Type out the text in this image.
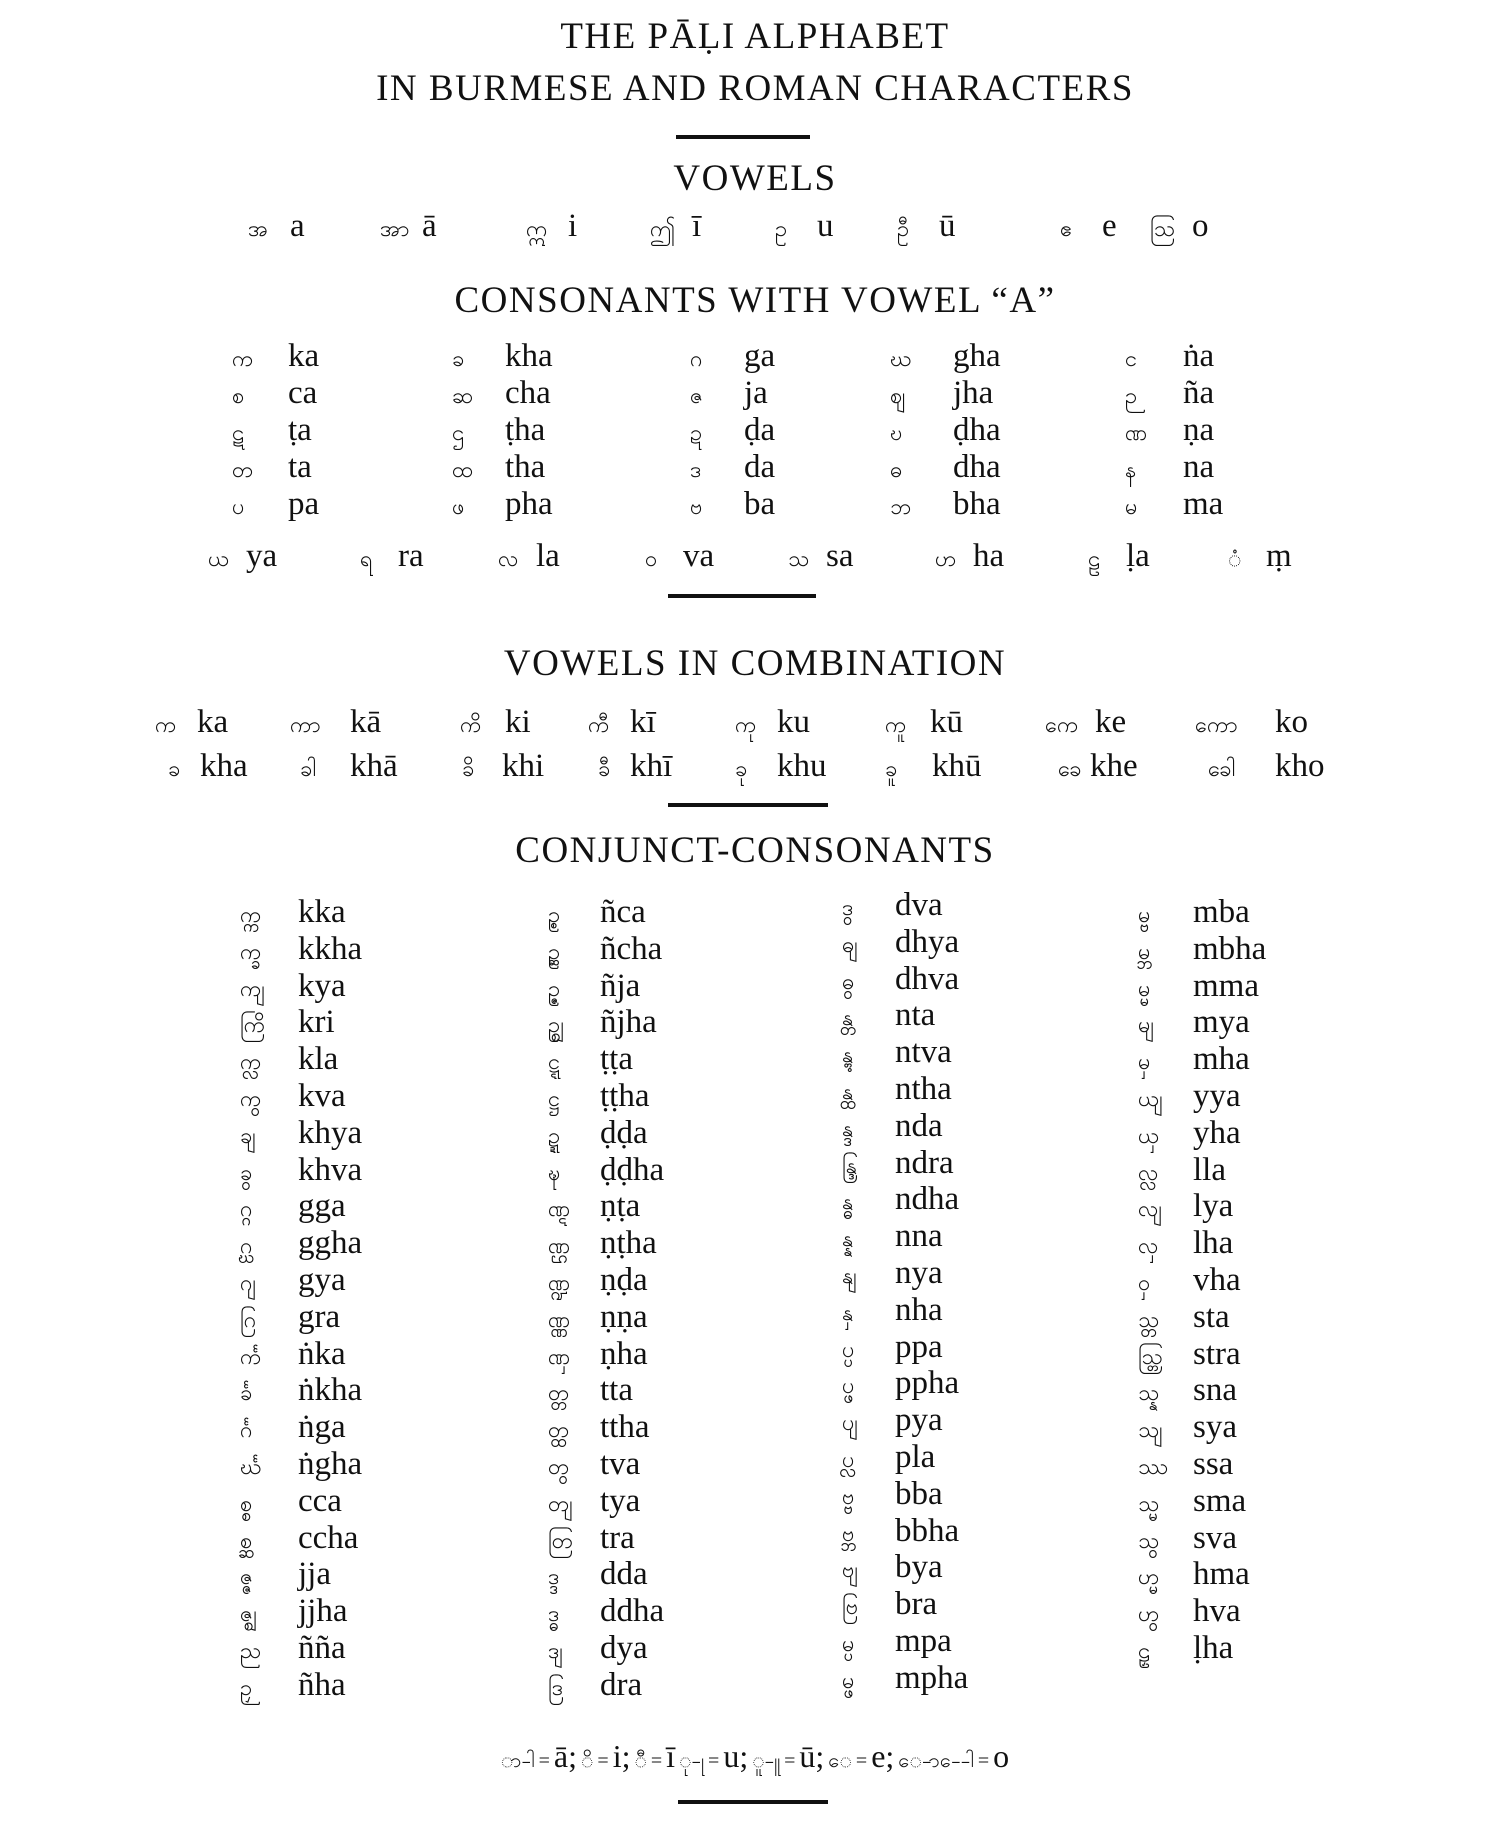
THE PĀḶI ALPHABET
IN BURMESE AND ROMAN CHARACTERS
VOWELS
အ a	အာ ā	ဣ i	ဤ ī	ဥ u	ဦ ū	ဧ e ဩ o
CONSONANTS WITH VOWEL “A”
က ka	ခ kha	ဂ ga	ဃ gha	င ṅa
စ ca	ဆ cha	ဇ ja	ဈ jha	ဉ ña
ဋ ṭa	ဌ ṭha	ဍ ḍa	ဎ ḍha	ဏ ṇa
တ ta	ထ tha	ဒ da	ဓ dha	န na
ပ pa	ဖ pha	ဗ ba	ဘ bha	မ ma
ယ ya	ရ ra	လ la	ဝ va	သ sa	ဟ ha	ဠ ḷa	ံ ṃ
VOWELS IN COMBINATION
က ka	ကာ kā	ကိ ki	ကီ kī	ကု ku	ကူ kū	ကေ ke	ကော ko
ခ kha ခါ khā	ခိ khi ခီ khī	ခု khu	ခူ khū	ခေ khe	ခေါ kho
CONJUNCT-CONSONANTS
က္က kka
က္ခ kkha
ကျ kya
ကြိ kri
က္လ kla
ကွ kva
ချ khya
ခွ khva
ဂ္ဂ gga
ဂ္ဃ ggha
ဂျ gya
ဂြ gra
င်္က ṅka
င်္ခ ṅkha
င်္ဂ ṅga
င်္ဃ ṅgha
စ္စ cca
စ္ဆ ccha
ဇ္ဇ jja
ဇ္ဈ jjha
ည ñña
ဉှ ñha
ဉ္စ ñca
ဉ္ဆ ñcha
ဉ္ဇ ñja
ဉ္ဈ ñjha
ဋ္ဋ ṭṭa
ဋ္ဌ ṭṭha
ဍ္ဍ ḍḍa
ဍ္ဎ ḍḍha
ဏ္ဋ ṇṭa
ဏ္ဌ ṇṭha
ဏ္ဍ ṇḍa
ဏ္ဏ ṇṇa
ဏှ ṇha
တ္တ tta
တ္ထ ttha
တွ tva
တျ tya
တြ tra
ဒ္ဒ dda
ဒ္ဓ ddha
ဒျ dya
ဒြ dra
ဒွ dva
ဓျ dhya
ဓွ dhva
န္တ nta
န္တွ ntva
န္ထ ntha
န္ဒ nda
န္ဒြ ndra
န္ဓ ndha
န္န nna
နျ nya
နှ nha
ပ္ပ ppa
ပ္ဖ ppha
ပျ pya
ပ္လ pla
ဗ္ဗ bba
ဗ္ဘ bbha
ဗျ bya
ဗြ bra
မ္ပ mpa
မ္ဖ mpha
မ္ဗ mba
မ္ဘ mbha
မ္မ mma
မျ mya
မှ mha
ယျ yya
ယှ yha
လ္လ lla
လျ lya
လှ lha
ဝှ vha
သ္တ sta
သ္တြ stra
သ္န sna
သျ sya
ဿ ssa
သ္မ sma
သွ sva
ဟ္မ hma
ဟွ hva
ဠှ ḷha
ာ-ါ = ā; ိ = i; ီ = ī ု-ု = u; ူ-ူ = ū; ေ = e; ေ-ာ-ေ-ါ = o
